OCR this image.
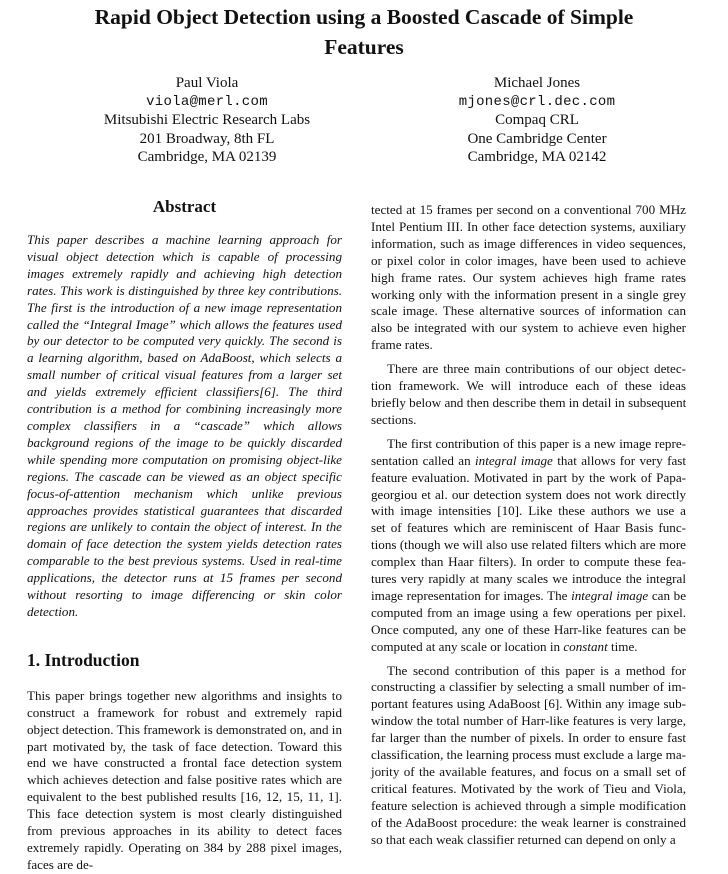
Rapid Object Detection using a Boosted Cascade of Simple
Features
Paul Viola
viola@merl.com
Mitsubishi Electric Research Labs
201 Broadway, 8th FL
Cambridge, MA 02139
Michael Jones
mjones@crl.dec.com
Compaq CRL
One Cambridge Center
Cambridge, MA 02142
Abstract

This paper describes a machine learning approach for visual object detection which is capable of processing images extremely rapidly and achieving high detection rates. This work is distinguished by three key contributions. The first is the introduction of a new image representation called the “Integral Image” which allows the features used by our detector to be computed very quickly. The second is a learning algorithm, based on AdaBoost, which selects a small number of critical visual features from a larger set and yields extremely efficient classifiers[6]. The third contribution is a method for combining increasingly more complex classifiers in a “cascade” which allows background regions of the image to be quickly discarded while spending more computation on promising object-like regions. The cascade can be viewed as an object specific focus-of-attention mechanism which unlike previous approaches provides statistical guarantees that discarded regions are unlikely to contain the object of interest. In the domain of face detection the system yields detection rates comparable to the best previous systems. Used in real-time applications, the detector runs at 15 frames per second without resorting to image differencing or skin color detection.

1. Introduction

This paper brings together new algorithms and insights to construct a framework for robust and extremely rapid object detection. This framework is demonstrated on, and in part motivated by, the task of face detection. Toward this end we have constructed a frontal face detection system which achieves detection and false positive rates which are equivalent to the best published results [16, 12, 15, 11, 1]. This face detection system is most clearly distinguished from previous approaches in its ability to detect faces extremely rapidly. Operating on 384 by 288 pixel images, faces are de-

tected at 15 frames per second on a conventional 700 MHz
Intel Pentium III. In other face detection systems, auxiliary
information, such as image differences in video sequences,
or pixel color in color images, have been used to achieve
high frame rates. Our system achieves high frame rates
working only with the information present in a single grey
scale image. These alternative sources of information can
also be integrated with our system to achieve even higher
frame rates.
There are three main contributions of our object detec-
tion framework. We will introduce each of these ideas
briefly below and then describe them in detail in subsequent
sections.
The first contribution of this paper is a new image repre-
sentation called an integral image that allows for very fast
feature evaluation. Motivated in part by the work of Papa-
georgiou et al. our detection system does not work directly
with image intensities [10]. Like these authors we use a
set of features which are reminiscent of Haar Basis func-
tions (though we will also use related filters which are more
complex than Haar filters). In order to compute these fea-
tures very rapidly at many scales we introduce the integral
image representation for images. The integral image can be
computed from an image using a few operations per pixel.
Once computed, any one of these Harr-like features can be
computed at any scale or location in constant time.
The second contribution of this paper is a method for
constructing a classifier by selecting a small number of im-
portant features using AdaBoost [6]. Within any image sub-
window the total number of Harr-like features is very large,
far larger than the number of pixels. In order to ensure fast
classification, the learning process must exclude a large ma-
jority of the available features, and focus on a small set of
critical features. Motivated by the work of Tieu and Viola,
feature selection is achieved through a simple modification
of the AdaBoost procedure: the weak learner is constrained
so that each weak classifier returned can depend on only a
